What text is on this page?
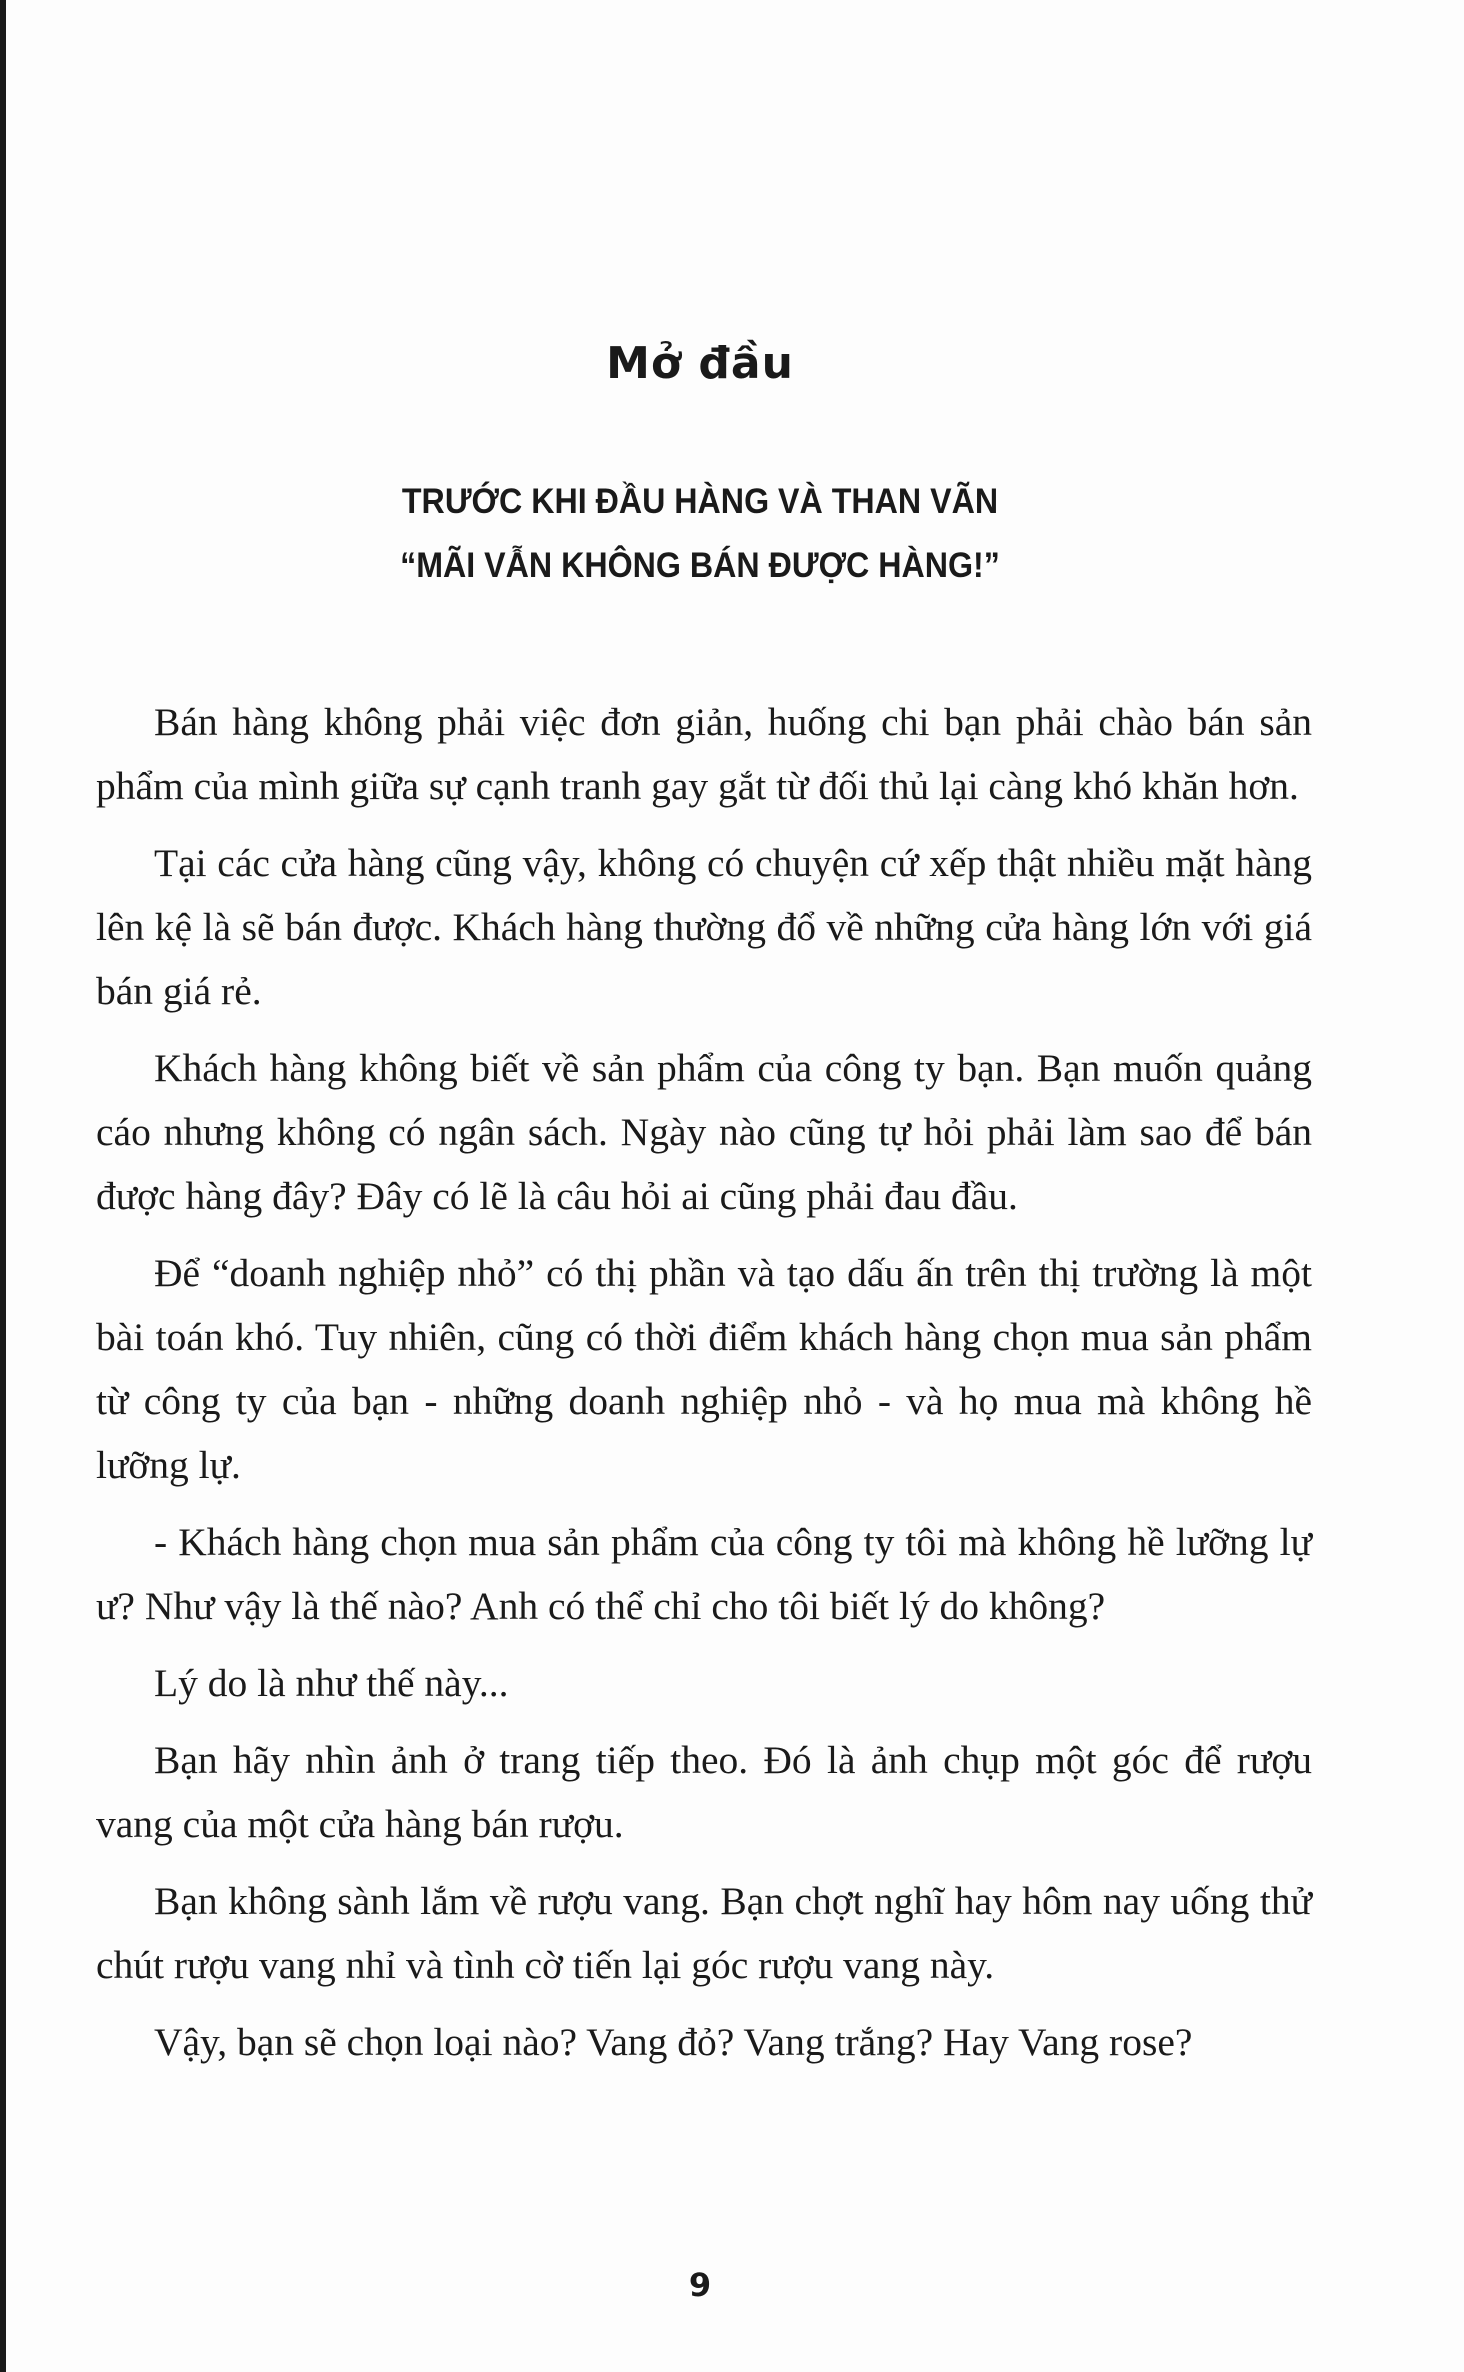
Mở đầu
TRƯỚC KHI ĐẦU HÀNG VÀ THAN VÃN
“MÃI VẪN KHÔNG BÁN ĐƯỢC HÀNG!”

Bán hàng không phải việc đơn giản, huống chi bạn phải chào bán sản phẩm của mình giữa sự cạnh tranh gay gắt từ đối thủ lại càng khó khăn hơn.

Tại các cửa hàng cũng vậy, không có chuyện cứ xếp thật nhiều mặt hàng lên kệ là sẽ bán được. Khách hàng thường đổ về những cửa hàng lớn với giá bán giá rẻ.

Khách hàng không biết về sản phẩm của công ty bạn. Bạn muốn quảng cáo nhưng không có ngân sách. Ngày nào cũng tự hỏi phải làm sao để bán được hàng đây? Đây có lẽ là câu hỏi ai cũng phải đau đầu.

Để “doanh nghiệp nhỏ” có thị phần và tạo dấu ấn trên thị trường là một bài toán khó. Tuy nhiên, cũng có thời điểm khách hàng chọn mua sản phẩm từ công ty của bạn - những doanh nghiệp nhỏ - và họ mua mà không hề lưỡng lự.

- Khách hàng chọn mua sản phẩm của công ty tôi mà không hề lưỡng lự ư? Như vậy là thế nào? Anh có thể chỉ cho tôi biết lý do không?

Lý do là như thế này...

Bạn hãy nhìn ảnh ở trang tiếp theo. Đó là ảnh chụp một góc để rượu vang của một cửa hàng bán rượu.

Bạn không sành lắm về rượu vang. Bạn chợt nghĩ hay hôm nay uống thử chút rượu vang nhỉ và tình cờ tiến lại góc rượu vang này.

Vậy, bạn sẽ chọn loại nào? Vang đỏ? Vang trắng? Hay Vang rose?

9
